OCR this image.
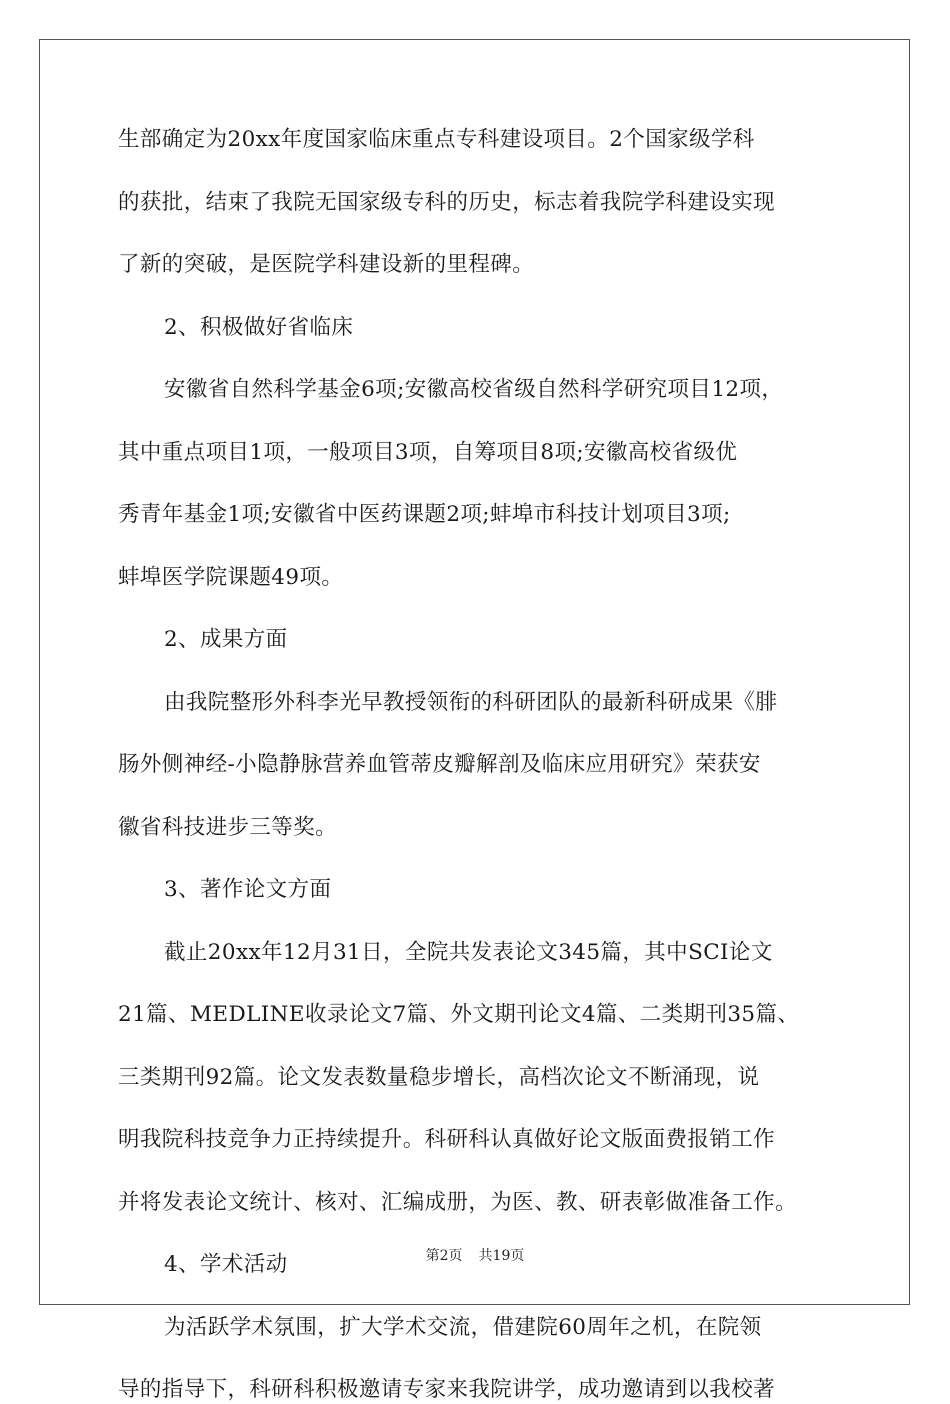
生部确定为20xx年度国家临床重点专科建设项目。2个国家级学科

的获批，结束了我院无国家级专科的历史，标志着我院学科建设实现

了新的突破，是医院学科建设新的里程碑。

2、积极做好省临床

安徽省自然科学基金6项;安徽高校省级自然科学研究项目12项，

其中重点项目1项，一般项目3项，自筹项目8项;安徽高校省级优

秀青年基金1项;安徽省中医药课题2项;蚌埠市科技计划项目3项;

蚌埠医学院课题49项。

2、成果方面

由我院整形外科李光早教授领衔的科研团队的最新科研成果《腓

肠外侧神经-小隐静脉营养血管蒂皮瓣解剖及临床应用研究》荣获安

徽省科技进步三等奖。

3、著作论文方面

截止20xx年12月31日，全院共发表论文345篇，其中SCI论文

21篇、MEDLINE收录论文7篇、外文期刊论文4篇、二类期刊35篇、

三类期刊92篇。论文发表数量稳步增长，高档次论文不断涌现，说

明我院科技竞争力正持续提升。科研科认真做好论文版面费报销工作

并将发表论文统计、核对、汇编成册，为医、教、研表彰做准备工作。

4、学术活动

为活跃学术氛围，扩大学术交流，借建院60周年之机，在院领

导的指导下，科研科积极邀请专家来我院讲学，成功邀请到以我校著

第2页 共19页
